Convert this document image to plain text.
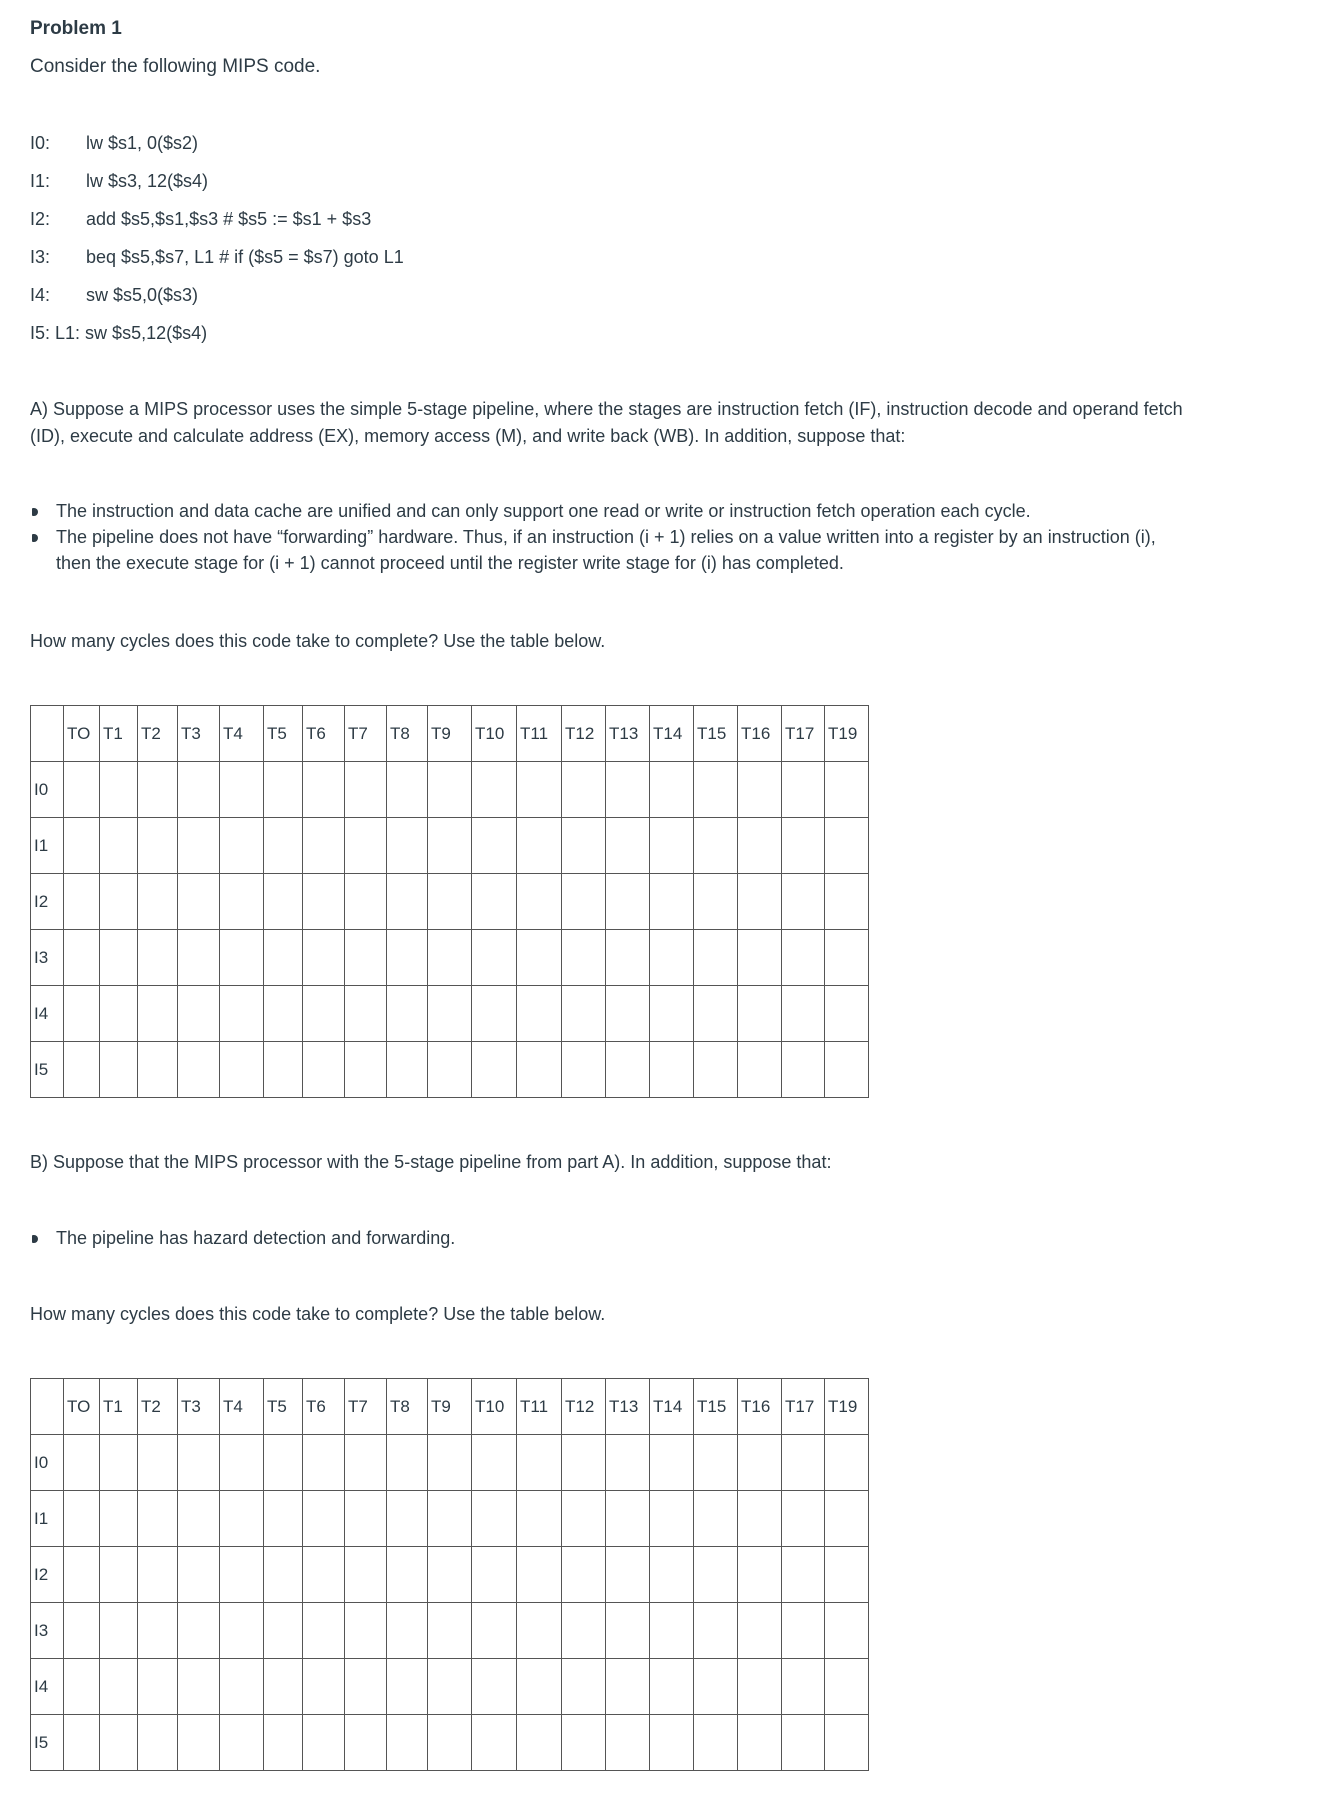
Problem 1
Consider the following MIPS code.
I0: lw $s1, 0($s2)
I1: lw $s3, 12($s4)
I2: add $s5,$s1,$s3 # $s5 := $s1 + $s3
I3: beq $s5,$s7, L1 # if ($s5 = $s7) goto L1
I4: sw $s5,0($s3)
I5: L1: sw $s5,12($s4)
A) Suppose a MIPS processor uses the simple 5-stage pipeline, where the stages are instruction fetch (IF), instruction decode and operand fetch (ID), execute and calculate address (EX), memory access (M), and write back (WB). In addition, suppose that:
The instruction and data cache are unified and can only support one read or write or instruction fetch operation each cycle.
The pipeline does not have “forwarding” hardware. Thus, if an instruction (i + 1) relies on a value written into a register by an instruction (i), then the execute stage for (i + 1) cannot proceed until the register write stage for (i) has completed.
How many cycles does this code take to complete? Use the table below.
	TO	T1	T2	T3	T4	T5	T6	T7	T8	T9	T10	T11	T12	T13	T14	T15	T16	T17	T19
I0																			
I1																			
I2																			
I3																			
I4																			
I5																			
B) Suppose that the MIPS processor with the 5-stage pipeline from part A). In addition, suppose that:
The pipeline has hazard detection and forwarding.
How many cycles does this code take to complete? Use the table below.
	TO	T1	T2	T3	T4	T5	T6	T7	T8	T9	T10	T11	T12	T13	T14	T15	T16	T17	T19
I0																			
I1																			
I2																			
I3																			
I4																			
I5																			
